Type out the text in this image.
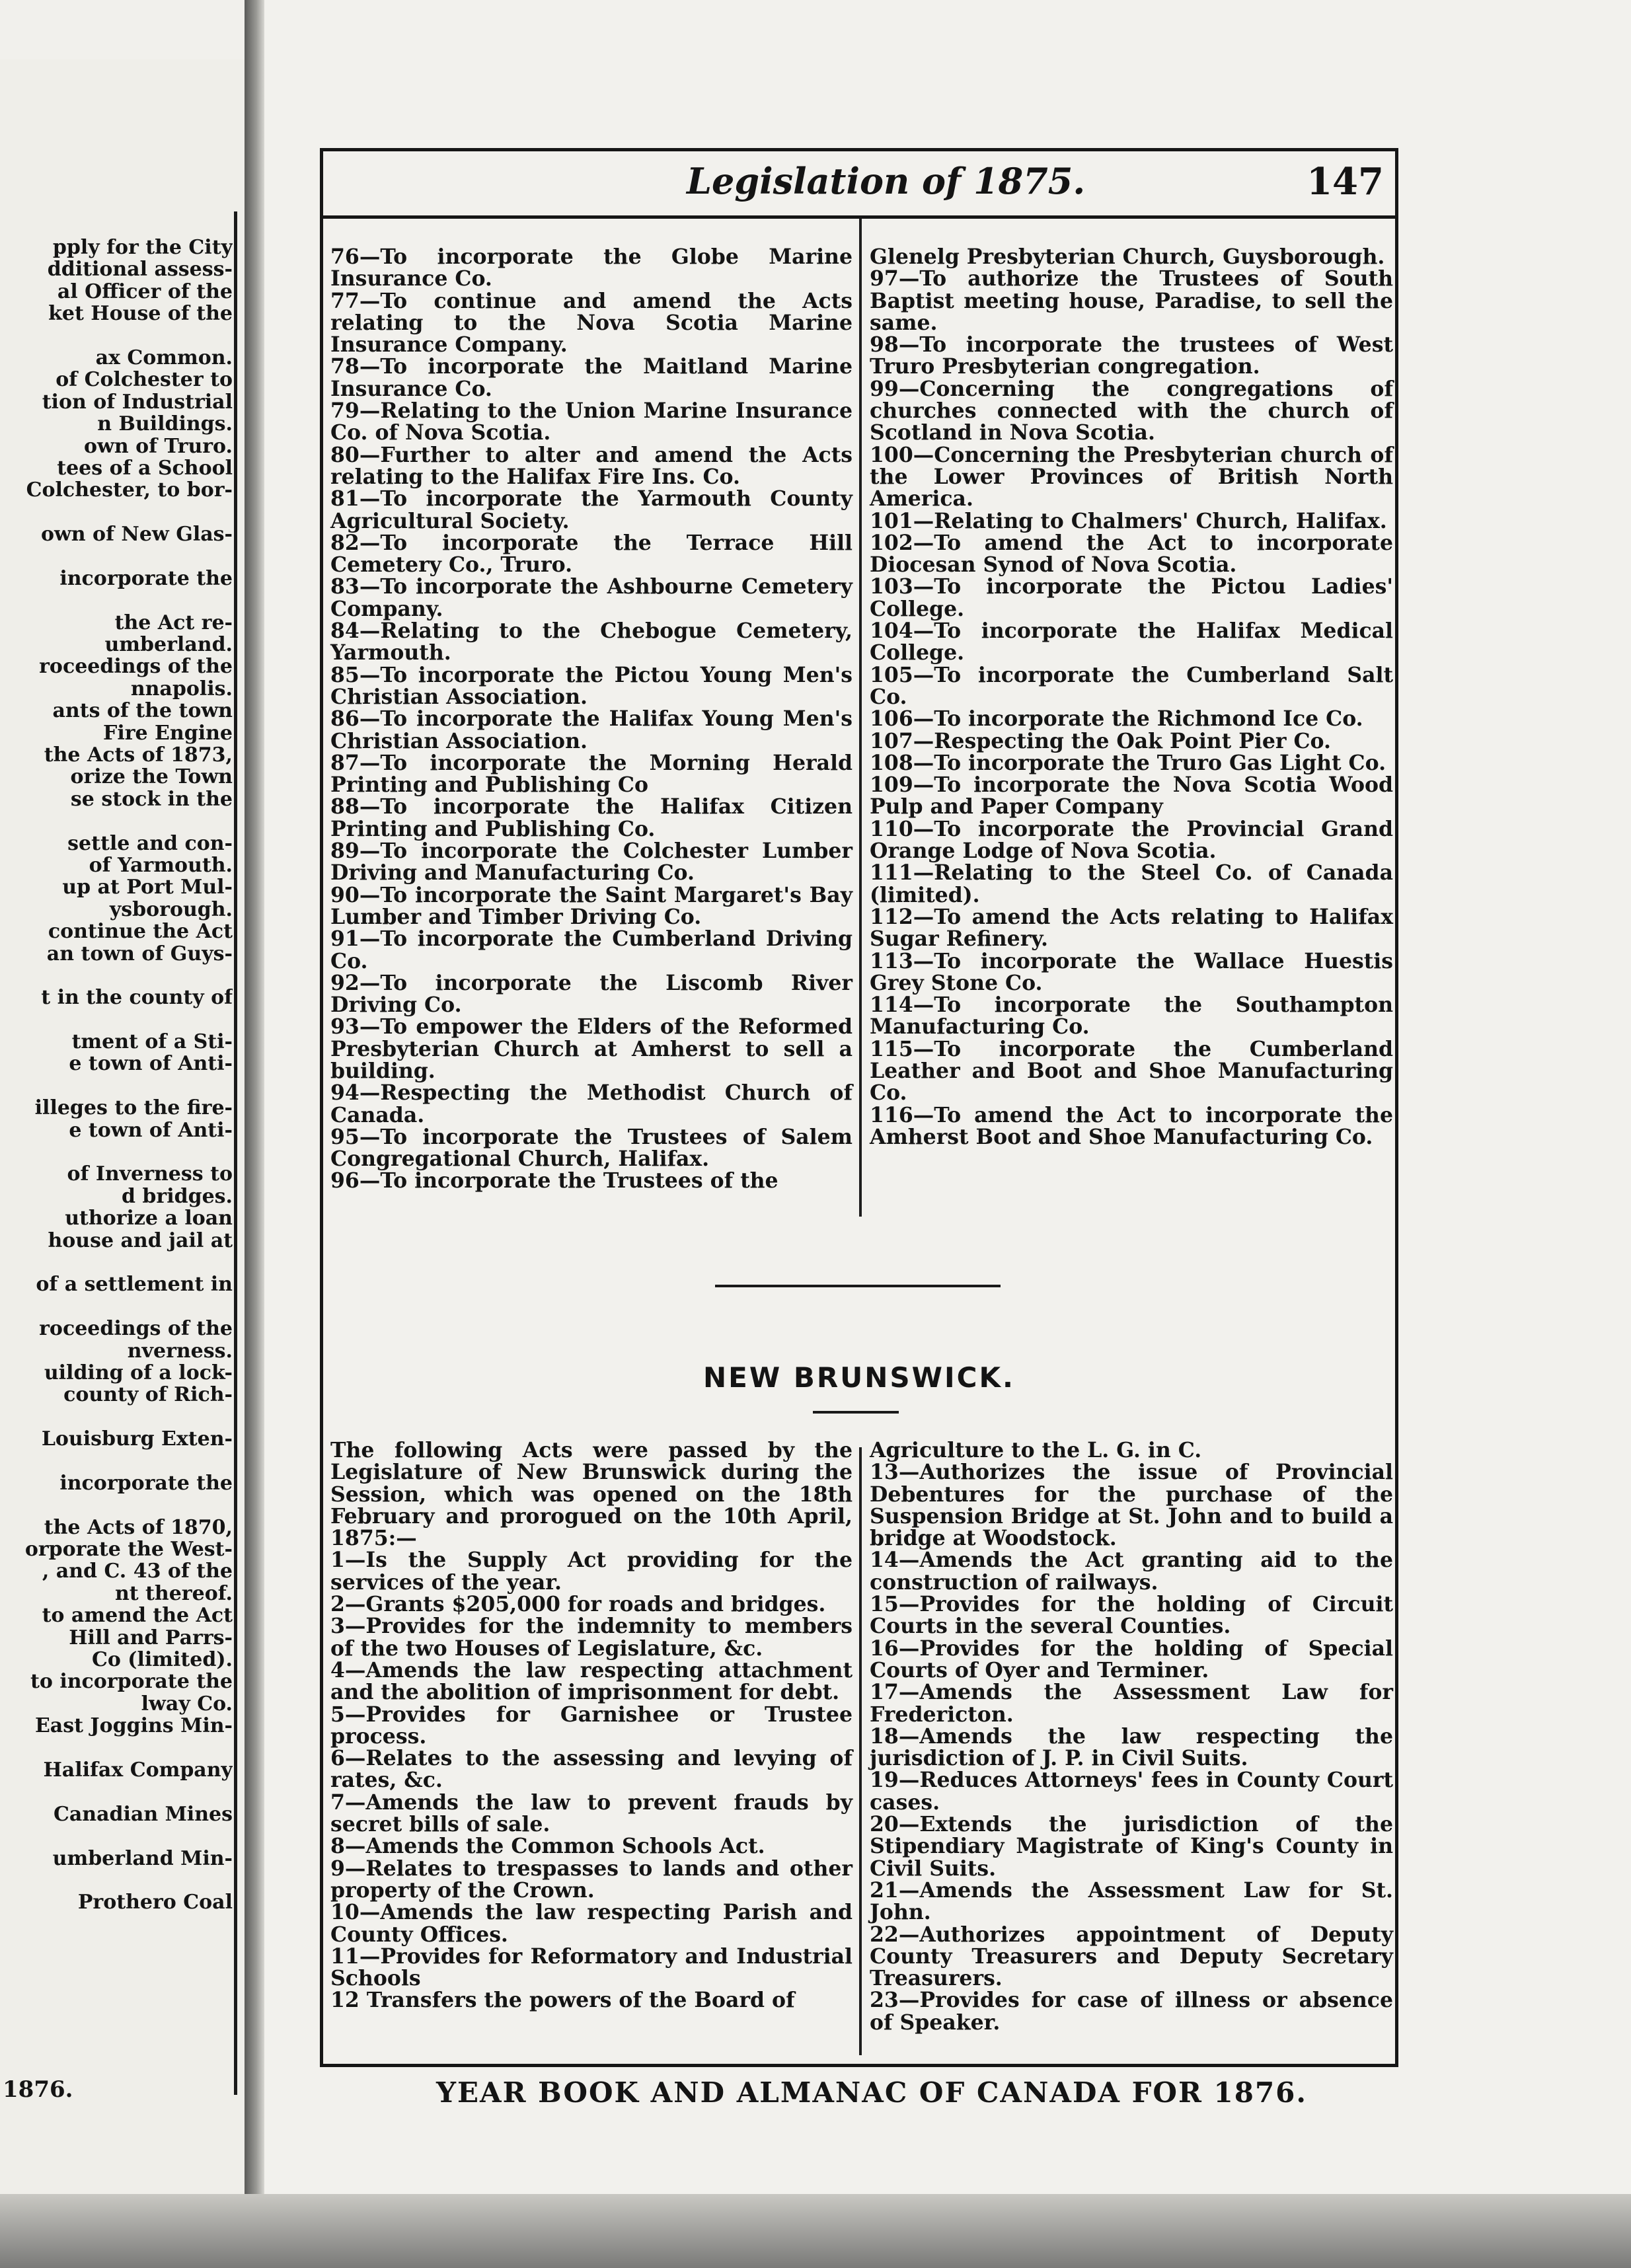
pply for the City
dditional assess-
al Officer of the
ket House of the
ax Common.
of Colchester to
tion of Industrial
n Buildings.
own of Truro.
tees of a School
Colchester, to bor-
own of New Glas-
incorporate the
the Act re-
umberland.
roceedings of the
nnapolis.
ants of the town
Fire Engine
the Acts of 1873,
orize the Town
se stock in the
settle and con-
of Yarmouth.
up at Port Mul-
ysborough.
continue the Act
an town of Guys-
t in the county of
tment of a Sti-
e town of Anti-
illeges to the fire-
e town of Anti-
of Inverness to
d bridges.
uthorize a loan
house and jail at
of a settlement in
roceedings of the
nverness.
uilding of a lock-
county of Rich-
Louisburg Exten-
incorporate the
the Acts of 1870,
orporate the West-
, and C. 43 of the
nt thereof.
to amend the Act
Hill and Parrs-
Co (limited).
to incorporate the
lway Co.
East Joggins Min-
Halifax Company
Canadian Mines
umberland Min-
Prothero Coal
1876.
Legislation of 1875.	147

76—To incorporate the Globe Marine Insurance Co.

77—To continue and amend the Acts relating to the Nova Scotia Marine Insurance Company.

78—To incorporate the Maitland Marine Insurance Co.

79—Relating to the Union Marine Insurance Co. of Nova Scotia.

80—Further to alter and amend the Acts relating to the Halifax Fire Ins. Co.

81—To incorporate the Yarmouth County Agricultural Society.

82—To incorporate the Terrace Hill Cemetery Co., Truro.

83—To incorporate the Ashbourne Cemetery Company.

84—Relating to the Chebogue Cemetery, Yarmouth.

85—To incorporate the Pictou Young Men's Christian Association.

86—To incorporate the Halifax Young Men's Christian Association.

87—To incorporate the Morning Herald Printing and Publishing Co

88—To incorporate the Halifax Citizen Printing and Publishing Co.

89—To incorporate the Colchester Lumber Driving and Manufacturing Co.

90—To incorporate the Saint Margaret's Bay Lumber and Timber Driving Co.

91—To incorporate the Cumberland Driving Co.

92—To incorporate the Liscomb River Driving Co.

93—To empower the Elders of the Reformed Presbyterian Church at Amherst to sell a building.

94—Respecting the Methodist Church of Canada.

95—To incorporate the Trustees of Salem Congregational Church, Halifax.

96—To incorporate the Trustees of the

Glenelg Presbyterian Church, Guysborough.

97—To authorize the Trustees of South Baptist meeting house, Paradise, to sell the same.

98—To incorporate the trustees of West Truro Presbyterian congregation.

99—Concerning the congregations of churches connected with the church of Scotland in Nova Scotia.

100—Concerning the Presbyterian church of the Lower Provinces of British North America.

101—Relating to Chalmers' Church, Halifax.

102—To amend the Act to incorporate Diocesan Synod of Nova Scotia.

103—To incorporate the Pictou Ladies' College.

104—To incorporate the Halifax Medical College.

105—To incorporate the Cumberland Salt Co.

106—To incorporate the Richmond Ice Co.

107—Respecting the Oak Point Pier Co.

108—To incorporate the Truro Gas Light Co.

109—To incorporate the Nova Scotia Wood Pulp and Paper Company

110—To incorporate the Provincial Grand Orange Lodge of Nova Scotia.

111—Relating to the Steel Co. of Canada (limited).

112—To amend the Acts relating to Halifax Sugar Refinery.

113—To incorporate the Wallace Huestis Grey Stone Co.

114—To incorporate the Southampton Manufacturing Co.

115—To incorporate the Cumberland Leather and Boot and Shoe Manufacturing Co.

116—To amend the Act to incorporate the Amherst Boot and Shoe Manufacturing Co.

NEW BRUNSWICK.

The following Acts were passed by the Legislature of New Brunswick during the Session, which was opened on the 18th February and prorogued on the 10th April, 1875:—

1—Is the Supply Act providing for the services of the year.

2—Grants $205,000 for roads and bridges.

3—Provides for the indemnity to members of the two Houses of Legislature, &c.

4—Amends the law respecting attachment and the abolition of imprisonment for debt.

5—Provides for Garnishee or Trustee process.

6—Relates to the assessing and levying of rates, &c.

7—Amends the law to prevent frauds by secret bills of sale.

8—Amends the Common Schools Act.

9—Relates to trespasses to lands and other property of the Crown.

10—Amends the law respecting Parish and County Offices.

11—Provides for Reformatory and Industrial Schools

12 Transfers the powers of the Board of

Agriculture to the L. G. in C.

13—Authorizes the issue of Provincial Debentures for the purchase of the Suspension Bridge at St. John and to build a bridge at Woodstock.

14—Amends the Act granting aid to the construction of railways.

15—Provides for the holding of Circuit Courts in the several Counties.

16—Provides for the holding of Special Courts of Oyer and Terminer.

17—Amends the Assessment Law for Fredericton.

18—Amends the law respecting the jurisdiction of J. P. in Civil Suits.

19—Reduces Attorneys' fees in County Court cases.

20—Extends the jurisdiction of the Stipendiary Magistrate of King's County in Civil Suits.

21—Amends the Assessment Law for St. John.

22—Authorizes appointment of Deputy County Treasurers and Deputy Secretary Treasurers.

23—Provides for case of illness or absence of Speaker.

YEAR BOOK AND ALMANAC OF CANADA FOR 1876.
